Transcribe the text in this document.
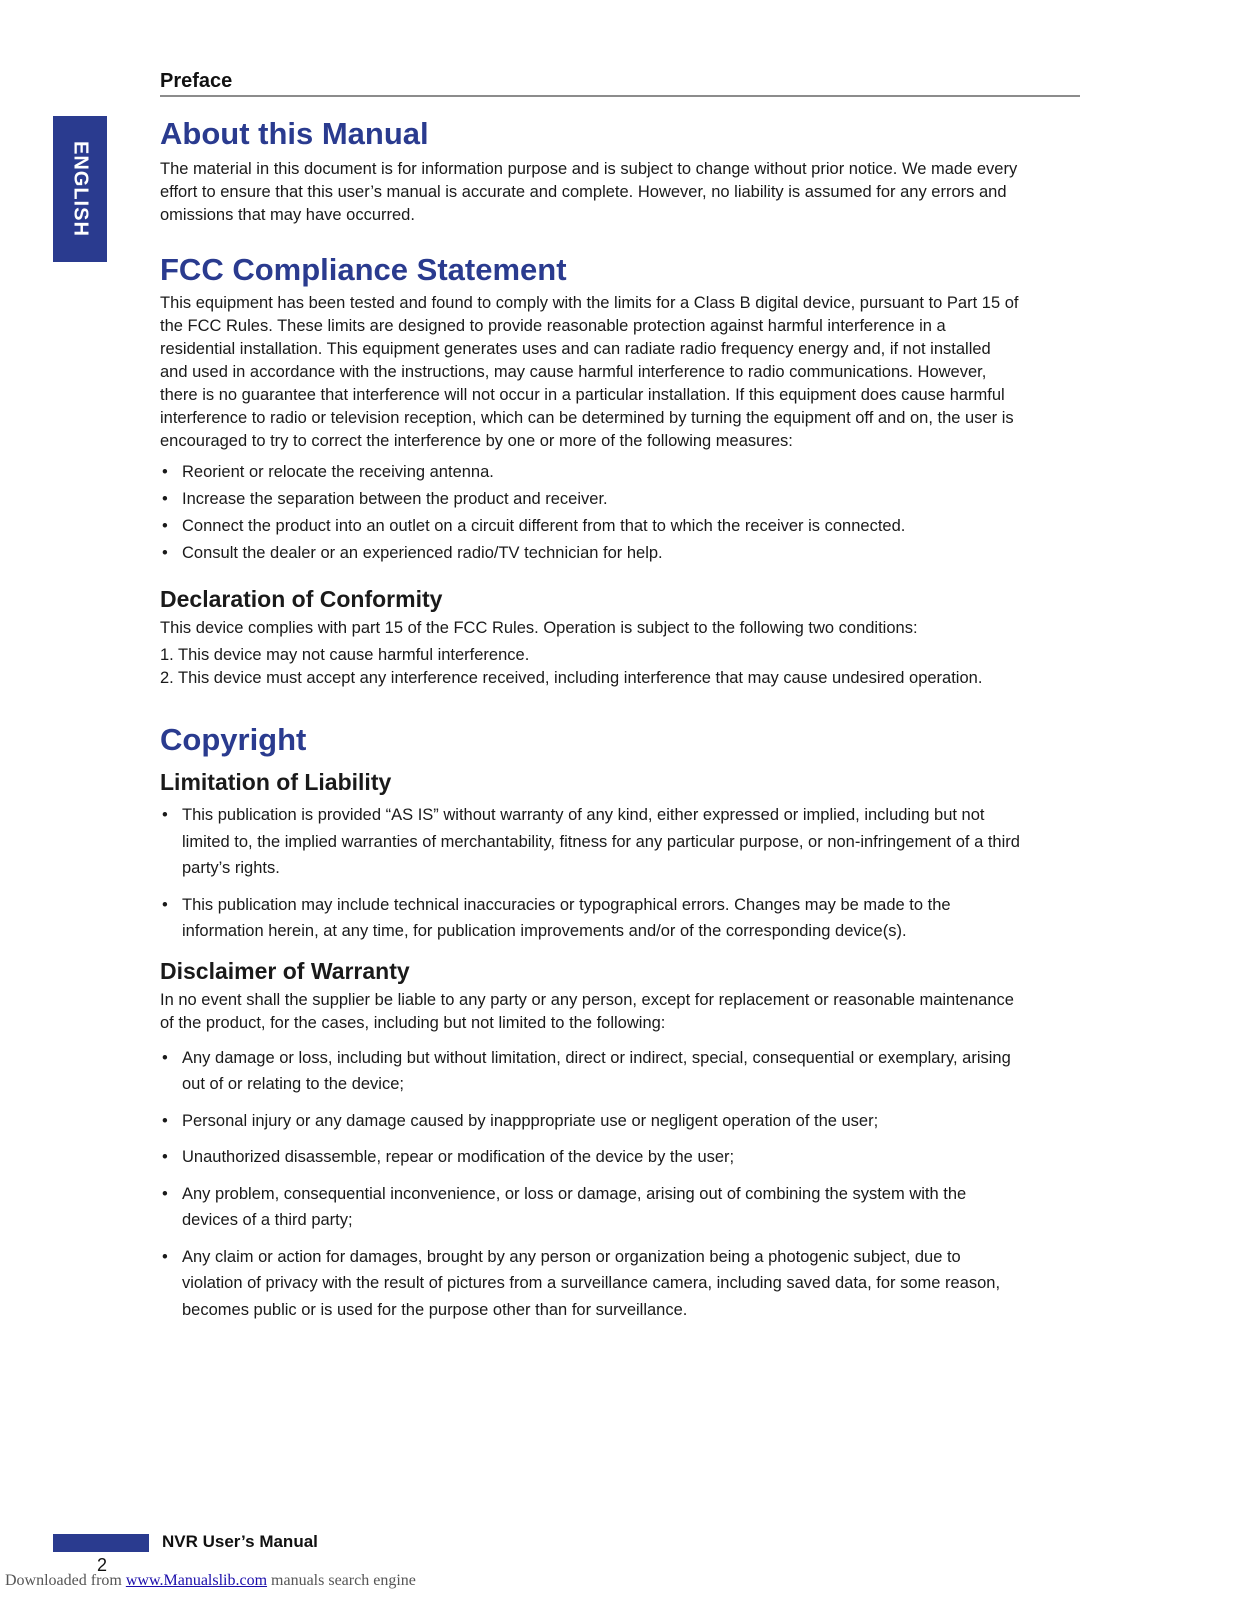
Preface
ENGLISH
About this Manual

The material in this document is for information purpose and is subject to change without prior notice. We made every effort to ensure that this user’s manual is accurate and complete. However, no liability is assumed for any errors and omissions that may have occurred.

FCC Compliance Statement

This equipment has been tested and found to comply with the limits for a Class B digital device, pursuant to Part 15 of the FCC Rules. These limits are designed to provide reasonable protection against harmful interference in a residential installation. This equipment generates uses and can radiate radio frequency energy and, if not installed and used in accordance with the instructions, may cause harmful interference to radio communications. However, there is no guarantee that interference will not occur in a particular installation. If this equipment does cause harmful interference to radio or television reception, which can be determined by turning the equipment off and on, the user is encouraged to try to correct the interference by one or more of the following measures:

• Reorient or relocate the receiving antenna.
• Increase the separation between the product and receiver.
• Connect the product into an outlet on a circuit different from that to which the receiver is connected.
• Consult the dealer or an experienced radio/TV technician for help.
Declaration of Conformity

This device complies with part 15 of the FCC Rules. Operation is subject to the following two conditions:

1. This device may not cause harmful interference.
2. This device must accept any interference received, including interference that may cause undesired operation.
Copyright
Limitation of Liability
• This publication is provided “AS IS” without warranty of any kind, either expressed or implied, including but not limited to, the implied warranties of merchantability, fitness for any particular purpose, or non-infringement of a third party’s rights.
• This publication may include technical inaccuracies or typographical errors. Changes may be made to the information herein, at any time, for publication improvements and/or of the corresponding device(s).
Disclaimer of Warranty

In no event shall the supplier be liable to any party or any person, except for replacement or reasonable maintenance of the product, for the cases, including but not limited to the following:

• Any damage or loss, including but without limitation, direct or indirect, special, consequential or exemplary, arising out of or relating to the device;
• Personal injury or any damage caused by inapppropriate use or negligent operation of the user;
• Unauthorized disassemble, repear or modification of the device by the user;
• Any problem, consequential inconvenience, or loss or damage, arising out of combining the system with the devices of a third party;
• Any claim or action for damages, brought by any person or organization being a photogenic subject, due to violation of privacy with the result of pictures from a surveillance camera, including saved data, for some reason, becomes public or is used for the purpose other than for surveillance.
NVR User’s Manual
2
Downloaded from www.Manualslib.com manuals search engine
